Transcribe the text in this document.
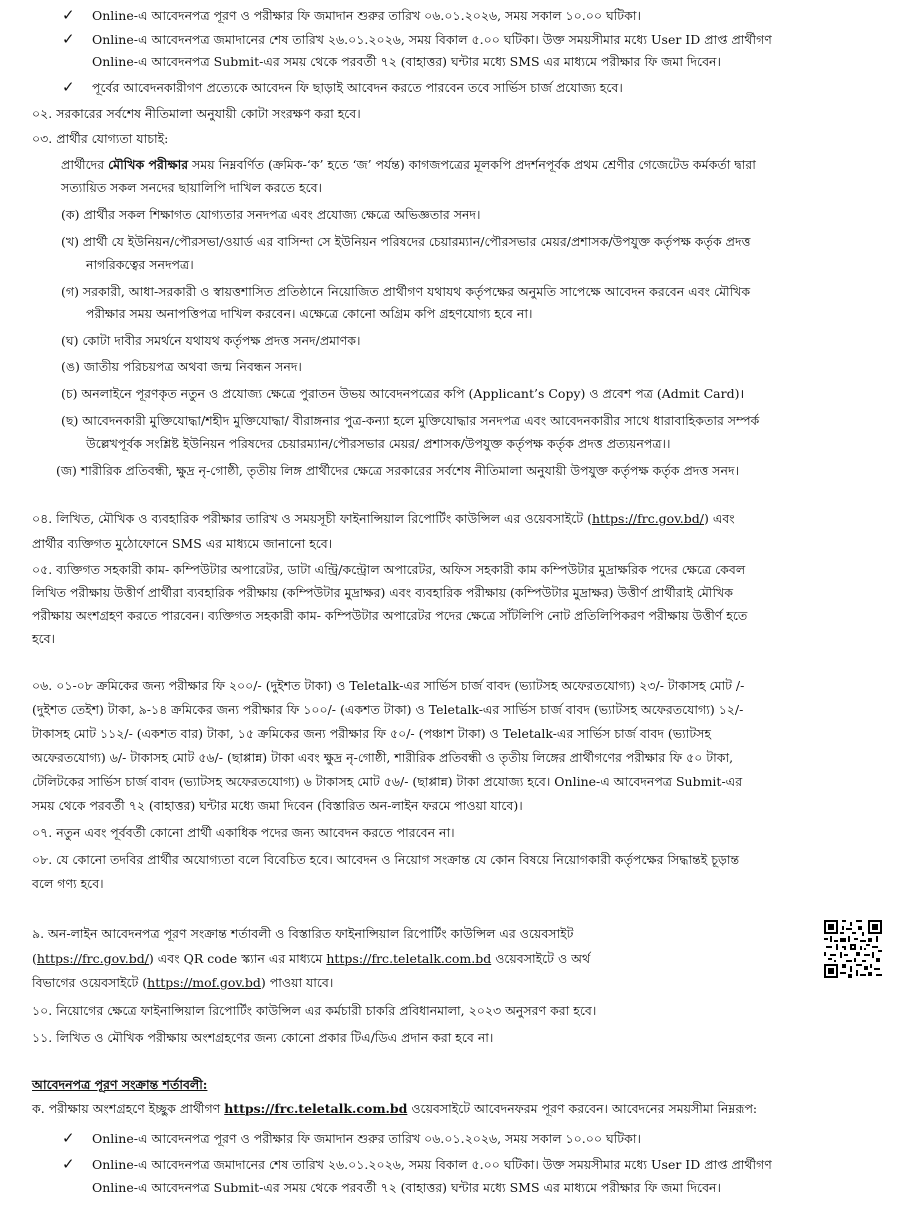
✓ Online-এ আবেদনপত্র পূরণ ও পরীক্ষার ফি জমাদান শুরুর তারিখ ০৬.০১.২০২৬, সময় সকাল ১০.০০ ঘটিকা।
✓ Online-এ আবেদনপত্র জমাদানের শেষ তারিখ ২৬.০১.২০২৬, সময় বিকাল ৫.০০ ঘটিকা। উক্ত সময়সীমার মধ্যে User ID প্রাপ্ত প্রার্থীগণ
Online-এ আবেদনপত্র Submit-এর সময় থেকে পরবর্তী ৭২ (বাহাত্তর) ঘন্টার মধ্যে SMS এর মাধ্যমে পরীক্ষার ফি জমা দিবেন।
✓ পূর্বের আবেদনকারীগণ প্রত্যেকে আবেদন ফি ছাড়াই আবেদন করতে পারবেন তবে সার্ভিস চার্জ প্রযোজ্য হবে।
০২. সরকারের সর্বশেষ নীতিমালা অনুযায়ী কোটা সংরক্ষণ করা হবে।
০৩. প্রার্থীর যোগ্যতা যাচাই:
প্রার্থীদের মৌখিক পরীক্ষার সময় নিম্নবর্ণিত (ক্রমিক-‘ক’ হতে ‘জ’ পর্যন্ত) কাগজপত্রের মূলকপি প্রদর্শনপূর্বক প্রথম শ্রেণীর গেজেটেড কর্মকর্তা দ্বারা
সত্যায়িত সকল সনদের ছায়ালিপি দাখিল করতে হবে।
(ক) প্রার্থীর সকল শিক্ষাগত যোগ্যতার সনদপত্র এবং প্রযোজ্য ক্ষেত্রে অভিজ্ঞতার সনদ।
(খ) প্রার্থী যে ইউনিয়ন/পৌরসভা/ওয়ার্ড এর বাসিন্দা সে ইউনিয়ন পরিষদের চেয়ারম্যান/পৌরসভার মেয়র/প্রশাসক/উপযুক্ত কর্তৃপক্ষ কর্তৃক প্রদত্ত
নাগরিকত্বের সনদপত্র।
(গ) সরকারী, আধা-সরকারী ও স্বায়ত্তশাসিত প্রতিষ্ঠানে নিয়োজিত প্রার্থীগণ যথাযথ কর্তৃপক্ষের অনুমতি সাপেক্ষে আবেদন করবেন এবং মৌখিক
পরীক্ষার সময় অনাপত্তিপত্র দাখিল করবেন। এক্ষেত্রে কোনো অগ্রিম কপি গ্রহণযোগ্য হবে না।
(ঘ) কোটা দাবীর সমর্থনে যথাযথ কর্তৃপক্ষ প্রদত্ত সনদ/প্রমাণক।
(ঙ) জাতীয় পরিচয়পত্র অথবা জন্ম নিবন্ধন সনদ।
(চ) অনলাইনে পূরণকৃত নতুন ও প্রযোজ্য ক্ষেত্রে পুরাতন উভয় আবেদনপত্রের কপি (Applicant’s Copy) ও প্রবেশ পত্র (Admit Card)।
(ছ) আবেদনকারী মুক্তিযোদ্ধা/শহীদ মুক্তিযোদ্ধা/ বীরাঙ্গনার পুত্র-কন্যা হলে মুক্তিযোদ্ধার সনদপত্র এবং আবেদনকারীর সাথে ধারাবাহিকতার সম্পর্ক
উল্লেখপূর্বক সংশ্লিষ্ট ইউনিয়ন পরিষদের চেয়ারম্যান/পৌরসভার মেয়র/ প্রশাসক/উপযুক্ত কর্তৃপক্ষ কর্তৃক প্রদত্ত প্রত্যয়নপত্র।।
(জ) শারীরিক প্রতিবন্ধী, ক্ষুদ্র নৃ-গোষ্ঠী, তৃতীয় লিঙ্গ প্রার্থীদের ক্ষেত্রে সরকারের সর্বশেষ নীতিমালা অনুযায়ী উপযুক্ত কর্তৃপক্ষ কর্তৃক প্রদত্ত সনদ।
০৪. লিখিত, মৌখিক ও ব্যবহারিক পরীক্ষার তারিখ ও সময়সূচী ফাইনান্সিয়াল রিপোর্টিং কাউন্সিল এর ওয়েবসাইটে (https://frc.gov.bd/) এবং
প্রার্থীর ব্যক্তিগত মুঠোফোনে SMS এর মাধ্যমে জানানো হবে।
০৫. ব্যক্তিগত সহকারী কাম- কম্পিউটার অপারেটর, ডাটা এন্ট্রি/কন্ট্রোল অপারেটর, অফিস সহকারী কাম কম্পিউটার মুদ্রাক্ষরিক পদের ক্ষেত্রে কেবল
লিখিত পরীক্ষায় উত্তীর্ণ প্রার্থীরা ব্যবহারিক পরীক্ষায় (কম্পিউটার মুদ্রাক্ষর) এবং ব্যবহারিক পরীক্ষায় (কম্পিউটার মুদ্রাক্ষর) উত্তীর্ণ প্রার্থীরাই মৌখিক
পরীক্ষায় অংশগ্রহণ করতে পারবেন। ব্যক্তিগত সহকারী কাম- কম্পিউটার অপারেটর পদের ক্ষেত্রে সাঁটলিপি নোট প্রতিলিপিকরণ পরীক্ষায় উত্তীর্ণ হতে
হবে।
০৬. ০১-০৮ ক্রমিকের জন্য পরীক্ষার ফি ২০০/- (দুইশত টাকা) ও Teletalk-এর সার্ভিস চার্জ বাবদ (ভ্যাটসহ অফেরতযোগ্য) ২৩/- টাকাসহ মোট /-
(দুইশত তেইশ) টাকা, ৯-১৪ ক্রমিকের জন্য পরীক্ষার ফি ১০০/- (একশত টাকা) ও Teletalk-এর সার্ভিস চার্জ বাবদ (ভ্যাটসহ অফেরতযোগ্য) ১২/-
টাকাসহ মোট ১১২/- (একশত বার) টাকা, ১৫ ক্রমিকের জন্য পরীক্ষার ফি ৫০/- (পঞ্চাশ টাকা) ও Teletalk-এর সার্ভিস চার্জ বাবদ (ভ্যাটসহ
অফেরতযোগ্য) ৬/- টাকাসহ মোট ৫৬/- (ছাপ্পান্ন) টাকা এবং ক্ষুদ্র নৃ-গোষ্ঠী, শারীরিক প্রতিবন্ধী ও তৃতীয় লিঙ্গের প্রার্থীগণের পরীক্ষার ফি ৫০ টাকা,
টেলিটকের সার্ভিস চার্জ বাবদ (ভ্যাটসহ অফেরতযোগ্য) ৬ টাকাসহ মোট ৫৬/- (ছাপ্পান্ন) টাকা প্রযোজ্য হবে। Online-এ আবেদনপত্র Submit-এর
সময় থেকে পরবর্তী ৭২ (বাহাত্তর) ঘন্টার মধ্যে জমা দিবেন (বিস্তারিত অন-লাইন ফরমে পাওয়া যাবে)।
০৭. নতুন এবং পূর্ববর্তী কোনো প্রার্থী একাধিক পদের জন্য আবেদন করতে পারবেন না।
০৮. যে কোনো তদবির প্রার্থীর অযোগ্যতা বলে বিবেচিত হবে। আবেদন ও নিয়োগ সংক্রান্ত যে কোন বিষয়ে নিয়োগকারী কর্তৃপক্ষের সিদ্ধান্তই চূড়ান্ত
বলে গণ্য হবে।
৯. অন-লাইন আবেদনপত্র পূরণ সংক্রান্ত শর্তাবলী ও বিস্তারিত ফাইনান্সিয়াল রিপোর্টিং কাউন্সিল এর ওয়েবসাইট
(https://frc.gov.bd/) এবং QR code স্ক্যান এর মাধ্যমে https://frc.teletalk.com.bd ওয়েবসাইটে ও অর্থ
বিভাগের ওয়েবসাইটে (https://mof.gov.bd) পাওয়া যাবে।
১০. নিয়োগের ক্ষেত্রে ফাইনান্সিয়াল রিপোর্টিং কাউন্সিল এর কর্মচারী চাকরি প্রবিধানমালা, ২০২৩ অনুসরণ করা হবে।
১১. লিখিত ও মৌখিক পরীক্ষায় অংশগ্রহণের জন্য কোনো প্রকার টিএ/ডিএ প্রদান করা হবে না।
আবেদনপত্র পূরণ সংক্রান্ত শর্তাবলী:
ক. পরীক্ষায় অংশগ্রহণে ইচ্ছুক প্রার্থীগণ https://frc.teletalk.com.bd ওয়েবসাইটে আবেদনফরম পূরণ করবেন। আবেদনের সময়সীমা নিম্নরূপ:
✓ Online-এ আবেদনপত্র পূরণ ও পরীক্ষার ফি জমাদান শুরুর তারিখ ০৬.০১.২০২৬, সময় সকাল ১০.০০ ঘটিকা।
✓ Online-এ আবেদনপত্র জমাদানের শেষ তারিখ ২৬.০১.২০২৬, সময় বিকাল ৫.০০ ঘটিকা। উক্ত সময়সীমার মধ্যে User ID প্রাপ্ত প্রার্থীগণ
Online-এ আবেদনপত্র Submit-এর সময় থেকে পরবর্তী ৭২ (বাহাত্তর) ঘন্টার মধ্যে SMS এর মাধ্যমে পরীক্ষার ফি জমা দিবেন।
